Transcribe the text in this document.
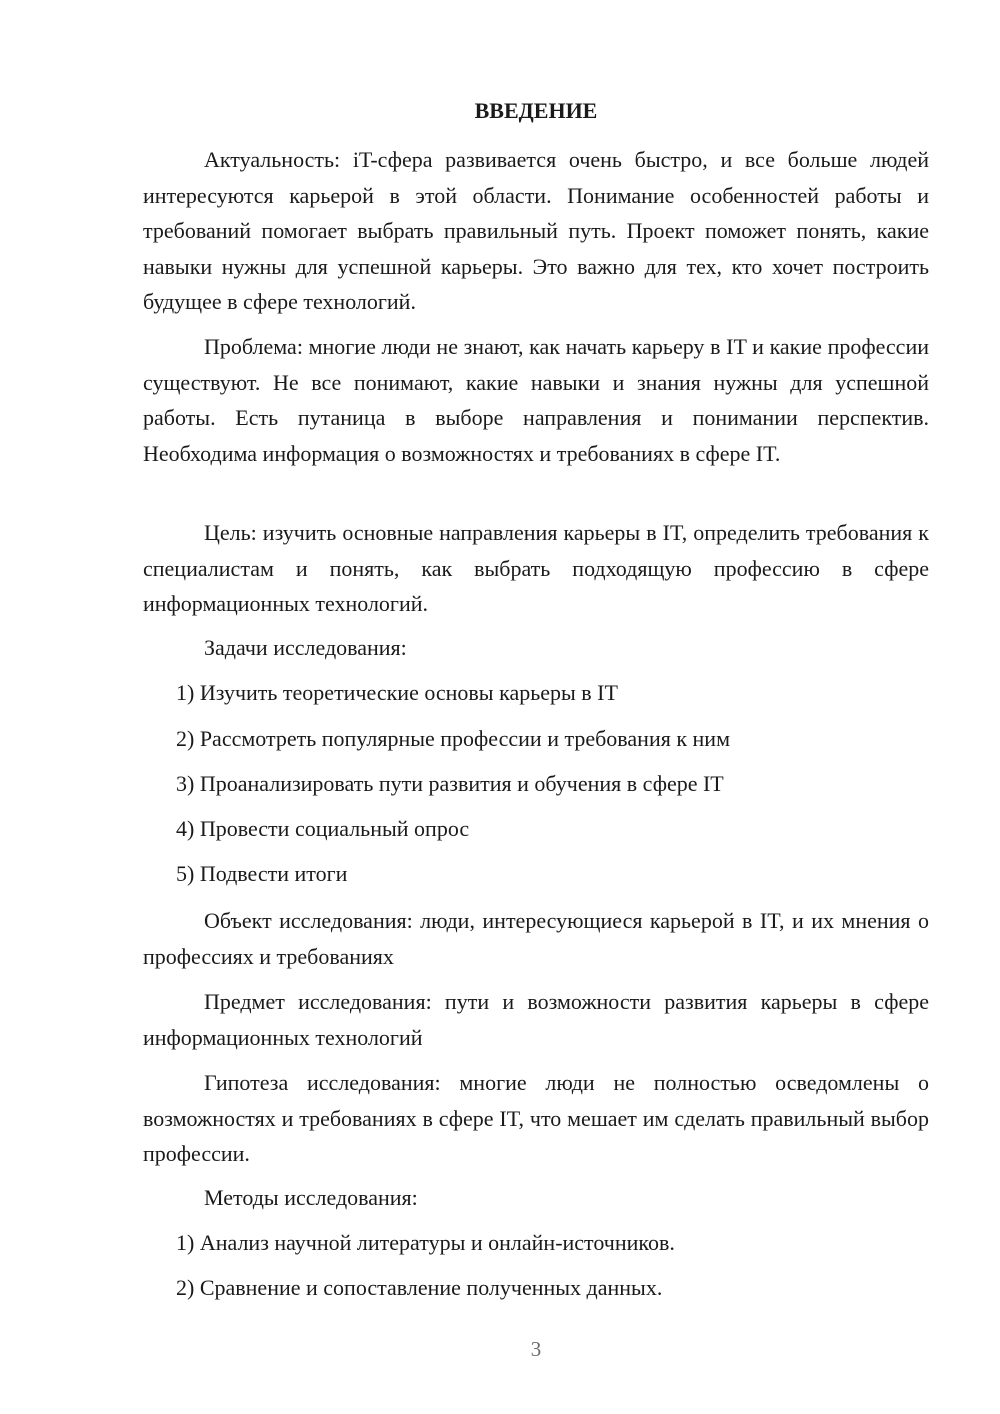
ВВЕДЕНИЕ

Актуальность: iT-сфера развивается очень быстро, и все больше людей интересуются карьерой в этой области. Понимание особенностей работы и требований помогает выбрать правильный путь. Проект поможет понять, какие навыки нужны для успешной карьеры. Это важно для тех, кто хочет построить будущее в сфере технологий.

Проблема: многие люди не знают, как начать карьеру в IT и какие профессии существуют. Не все понимают, какие навыки и знания нужны для успешной работы. Есть путаница в выборе направления и понимании перспектив. Необходима информация о возможностях и требованиях в сфере IT.

Цель: изучить основные направления карьеры в IT, определить требования к специалистам и понять, как выбрать подходящую профессию в сфере информационных технологий.

Задачи исследования:

1) Изучить теоретические основы карьеры в IT

2) Рассмотреть популярные профессии и требования к ним

3) Проанализировать пути развития и обучения в сфере IT

4) Провести социальный опрос

5) Подвести итоги

Объект исследования: люди, интересующиеся карьерой в IT, и их мнения о профессиях и требованиях

Предмет исследования: пути и возможности развития карьеры в сфере информационных технологий

Гипотеза исследования: многие люди не полностью осведомлены о возможностях и требованиях в сфере IT, что мешает им сделать правильный выбор профессии.

Методы исследования:

1) Анализ научной литературы и онлайн-источников.

2) Сравнение и сопоставление полученных данных.

3
